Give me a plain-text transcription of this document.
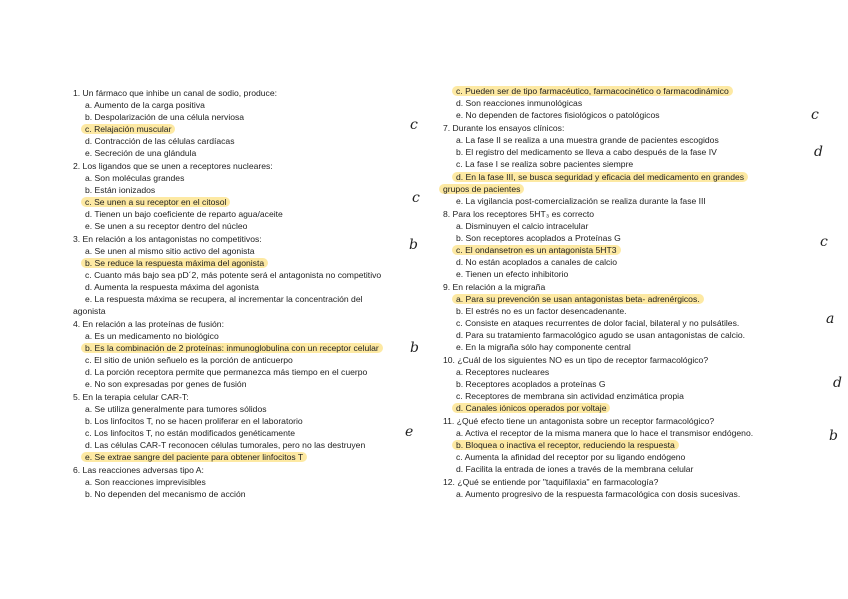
1. Un fármaco que inhibe un canal de sodio, produce:
a. Aumento de la carga positiva
b. Despolarización de una célula nerviosa
c. Relajación muscular
d. Contracción de las células cardíacas
e. Secreción de una glándula
2. Los ligandos que se unen a receptores nucleares:
a. Son moléculas grandes
b. Están ionizados
c. Se unen a su receptor en el citosol
d. Tienen un bajo coeficiente de reparto agua/aceite
e. Se unen a su receptor dentro del núcleo
3. En relación a los antagonistas no competitivos:
a. Se unen al mismo sitio activo del agonista
b. Se reduce la respuesta máxima del agonista
c. Cuanto más bajo sea pD´2, más potente será el antagonista no competitivo
d. Aumenta la respuesta máxima del agonista
e. La respuesta máxima se recupera, al incrementar la concentración del
agonista
4. En relación a las proteínas de fusión:
a. Es un medicamento no biológico
b. Es la combinación de 2 proteínas: inmunoglobulina con un receptor celular
c. El sitio de unión señuelo es la porción de anticuerpo
d. La porción receptora permite que permanezca más tiempo en el cuerpo
e. No son expresadas por genes de fusión
5. En la terapia celular CAR-T:
a. Se utiliza generalmente para tumores sólidos
b. Los linfocitos T, no se hacen proliferar en el laboratorio
c. Los linfocitos T, no están modificados genéticamente
d. Las células CAR-T reconocen células tumorales, pero no las destruyen
e. Se extrae sangre del paciente para obtener linfocitos T
6. Las reacciones adversas tipo A:
a. Son reacciones imprevisibles
b. No dependen del mecanismo de acción
c. Pueden ser de tipo farmacéutico, farmacocinético o farmacodinámico
d. Son reacciones inmunológicas
e. No dependen de factores fisiológicos o patológicos
7. Durante los ensayos clínicos:
a. La fase II se realiza a una muestra grande de pacientes escogidos
b. El registro del medicamento se lleva a cabo después de la fase IV
c. La fase I se realiza sobre pacientes siempre
d. En la fase III, se busca seguridad y eficacia del medicamento en grandes
grupos de pacientes
e. La vigilancia post-comercialización se realiza durante la fase III
8. Para los receptores 5HT₃ es correcto
a. Disminuyen el calcio intracelular
b. Son receptores acoplados a Proteínas G
c. El ondansetron es un antagonista 5HT3
d. No están acoplados a canales de calcio
e. Tienen un efecto inhibitorio
9. En relación a la migraña
a. Para su prevención se usan antagonistas beta- adrenérgicos.
b. El estrés no es un factor desencadenante.
c. Consiste en ataques recurrentes de dolor facial, bilateral y no pulsátiles.
d. Para su tratamiento farmacológico agudo se usan antagonistas de calcio.
e. En la migraña sólo hay componente central
10. ¿Cuál de los siguientes NO es un tipo de receptor farmacológico?
a. Receptores nucleares
b. Receptores acoplados a proteínas G
c. Receptores de membrana sin actividad enzimática propia
d. Canales iónicos operados por voltaje
11. ¿Qué efecto tiene un antagonista sobre un receptor farmacológico?
a. Activa el receptor de la misma manera que lo hace el transmisor endógeno.
b. Bloquea o inactiva el receptor, reduciendo la respuesta
c. Aumenta la afinidad del receptor por su ligando endógeno
d. Facilita la entrada de iones a través de la membrana celular
12. ¿Qué se entiende por "taquifilaxia" en farmacología?
a. Aumento progresivo de la respuesta farmacológica con dosis sucesivas.
c
c
b
b
e
c
d
c
a
d
b
